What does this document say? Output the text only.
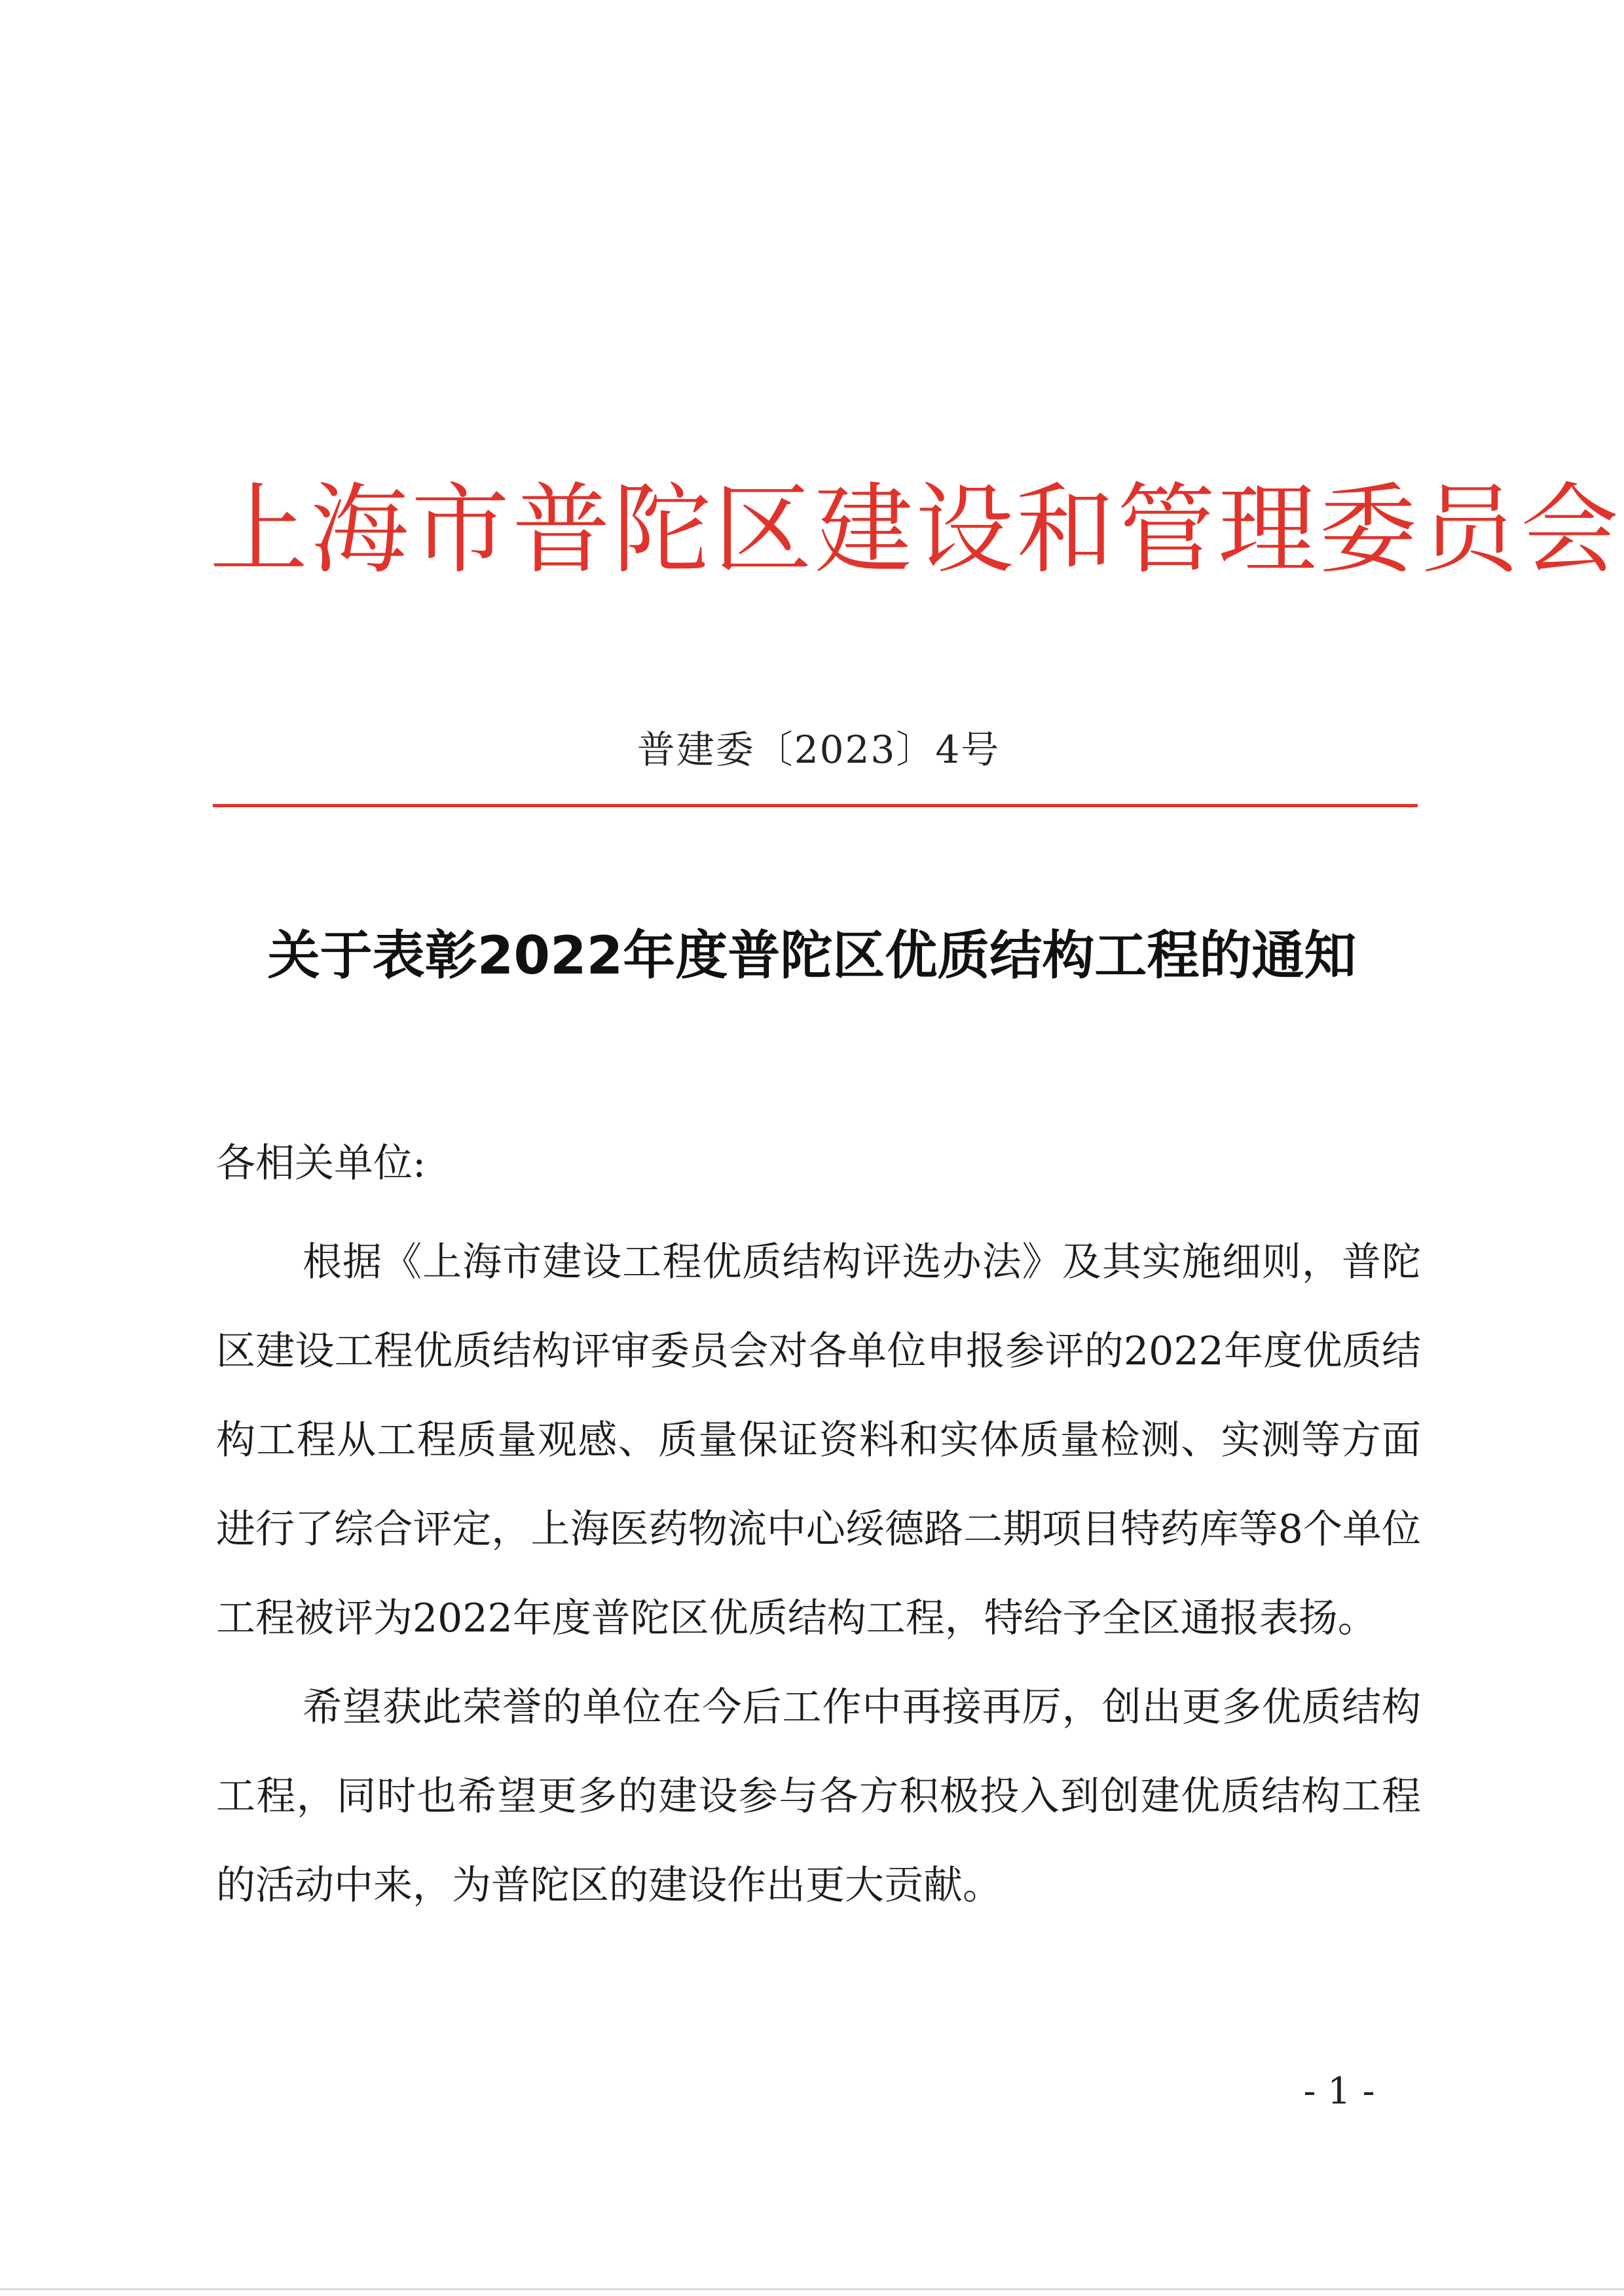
上海市普陀区建设和管理委员会
普建委〔2023〕4号
关于表彰2022年度普陀区优质结构工程的通知
各相关单位:

根据《上海市建设工程优质结构评选办法》及其实施细则，普陀区建设工程优质结构评审委员会对各单位申报参评的2022年度优质结构工程从工程质量观感、质量保证资料和实体质量检测、实测等方面进行了综合评定，上海医药物流中心绥德路二期项目特药库等8个单位工程被评为2022年度普陀区优质结构工程，特给予全区通报表扬。

希望获此荣誉的单位在今后工作中再接再厉，创出更多优质结构工程，同时也希望更多的建设参与各方积极投入到创建优质结构工程的活动中来，为普陀区的建设作出更大贡献。

- 1 -
